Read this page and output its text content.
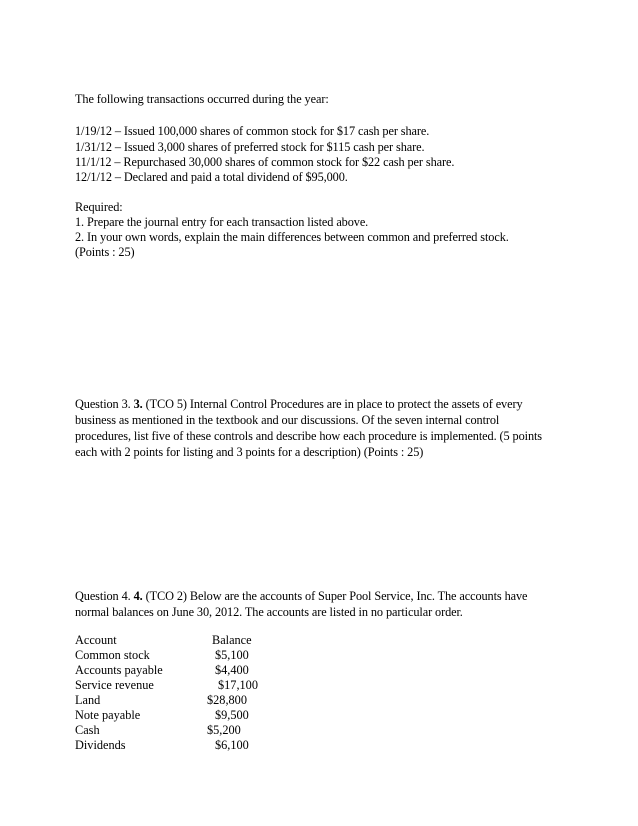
The following transactions occurred during the year:
1/19/12 – Issued 100,000 shares of common stock for $17 cash per share.
1/31/12 – Issued 3,000 shares of preferred stock for $115 cash per share.
11/1/12 – Repurchased 30,000 shares of common stock for $22 cash per share.
12/1/12 – Declared and paid a total dividend of $95,000.
Required:
1. Prepare the journal entry for each transaction listed above.
2. In your own words, explain the main differences between common and preferred stock.
(Points : 25)
Question 3. 3. (TCO 5) Internal Control Procedures are in place to protect the assets of every
business as mentioned in the textbook and our discussions. Of the seven internal control
procedures, list five of these controls and describe how each procedure is implemented. (5 points
each with 2 points for listing and 3 points for a description) (Points : 25)
Question 4. 4. (TCO 2) Below are the accounts of Super Pool Service, Inc. The accounts have
normal balances on June 30, 2012. The accounts are listed in no particular order.
Account	Balance
Common stock	$5,100
Accounts payable	$4,400
Service revenue	$17,100
Land	$28,800
Note payable	$9,500
Cash	$5,200
Dividends	$6,100
